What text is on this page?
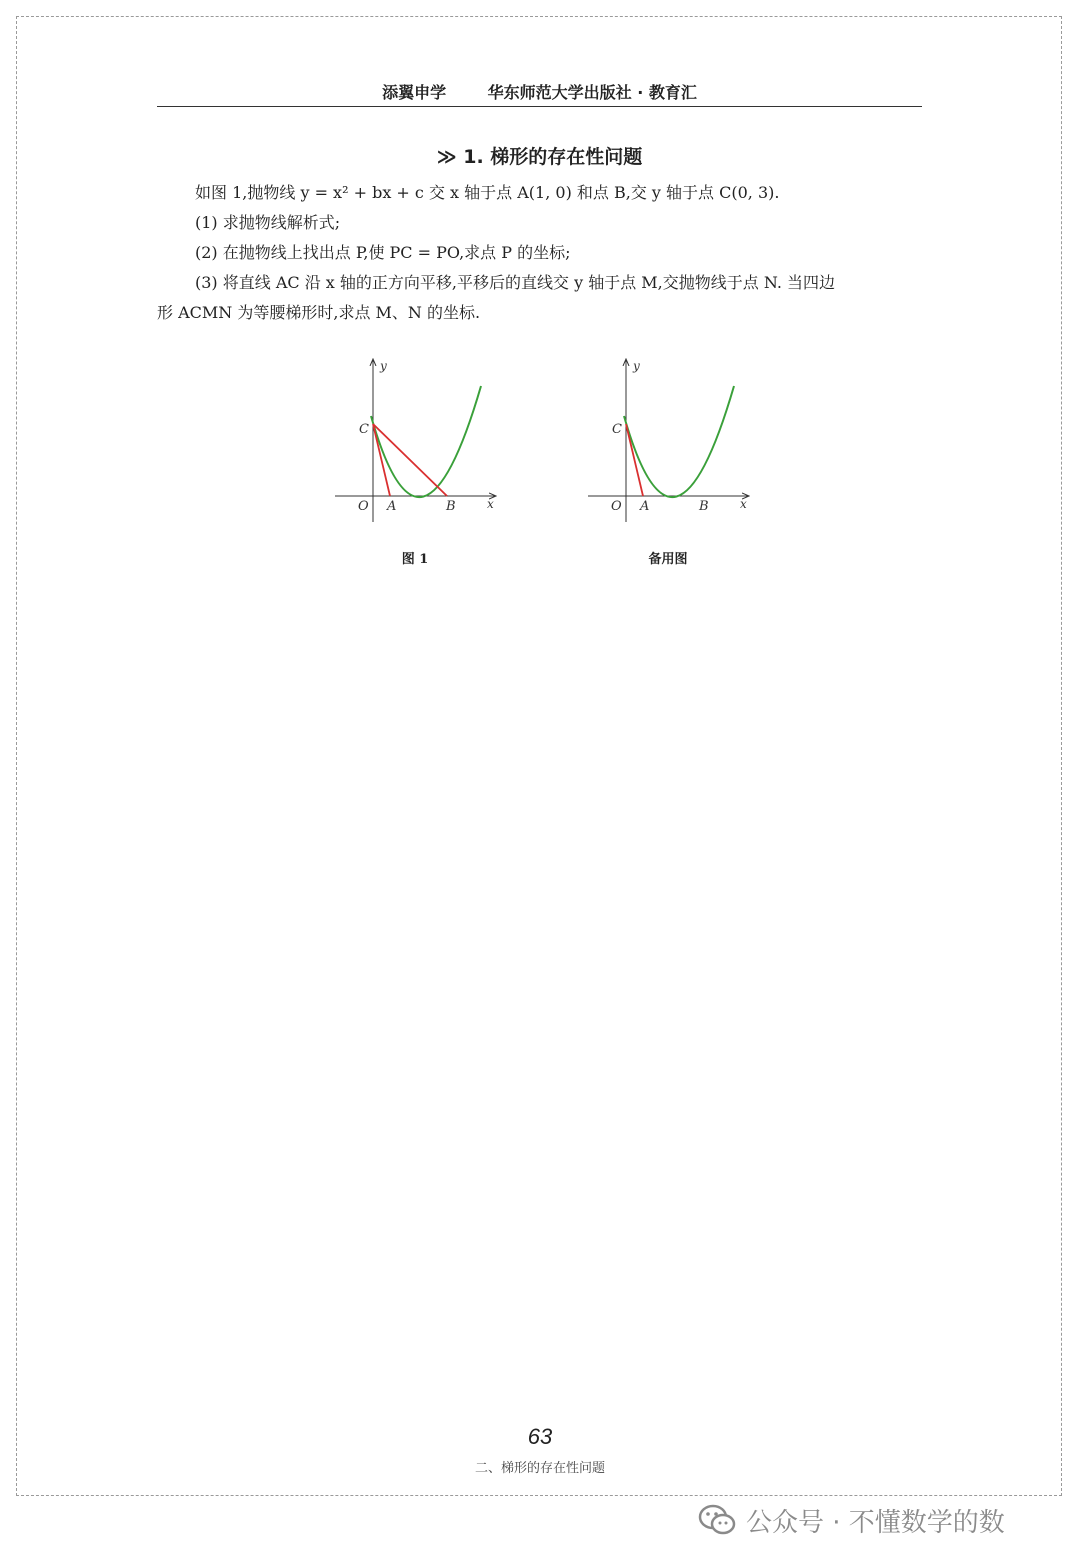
添翼申学	华东师范大学出版社 · 教育汇
≫ 1. 梯形的存在性问题

如图 1,抛物线 y = x² + bx + c 交 x 轴于点 A(1, 0) 和点 B,交 y 轴于点 C(0, 3).

(1) 求抛物线解析式;

(2) 在抛物线上找出点 P,使 PC = PO,求点 P 的坐标;

(3) 将直线 AC 沿 x 轴的正方向平移,平移后的直线交 y 轴于点 M,交抛物线于点 N. 当四边

形 ACMN 为等腰梯形时,求点 M、N 的坐标.

y
x
O A	B
C
图 1
y
x
O A	B
C
备用图
63
二、梯形的存在性问题
公众号 · 不懂数学的数
